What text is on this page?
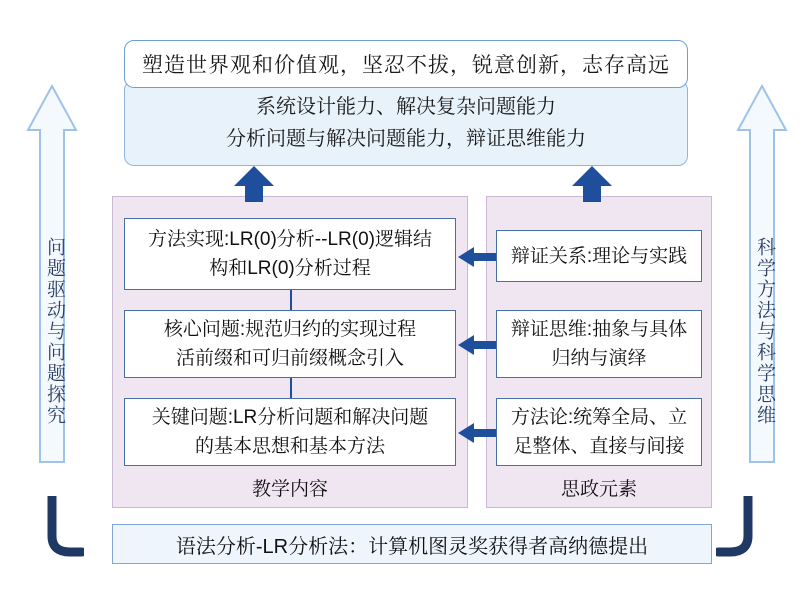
问题驱动与问题探究	科学方法与科学思维
系统设计能力、解决复杂问题能力
分析问题与解决问题能力，辩证思维能力
塑造世界观和价值观，坚忍不拔，锐意创新，志存高远
方法实现:LR(0)分析--LR(0)逻辑结
构和LR(0)分析过程
核心问题:规范归约的实现过程
活前缀和可归前缀概念引入
关键问题:LR分析问题和解决问题
的基本思想和基本方法
教学内容
辩证关系:理论与实践
辩证思维:抽象与具体
归纳与演绎
方法论:统筹全局、立
足整体、直接与间接
思政元素
语法分析-LR分析法：计算机图灵奖获得者高纳德提出
